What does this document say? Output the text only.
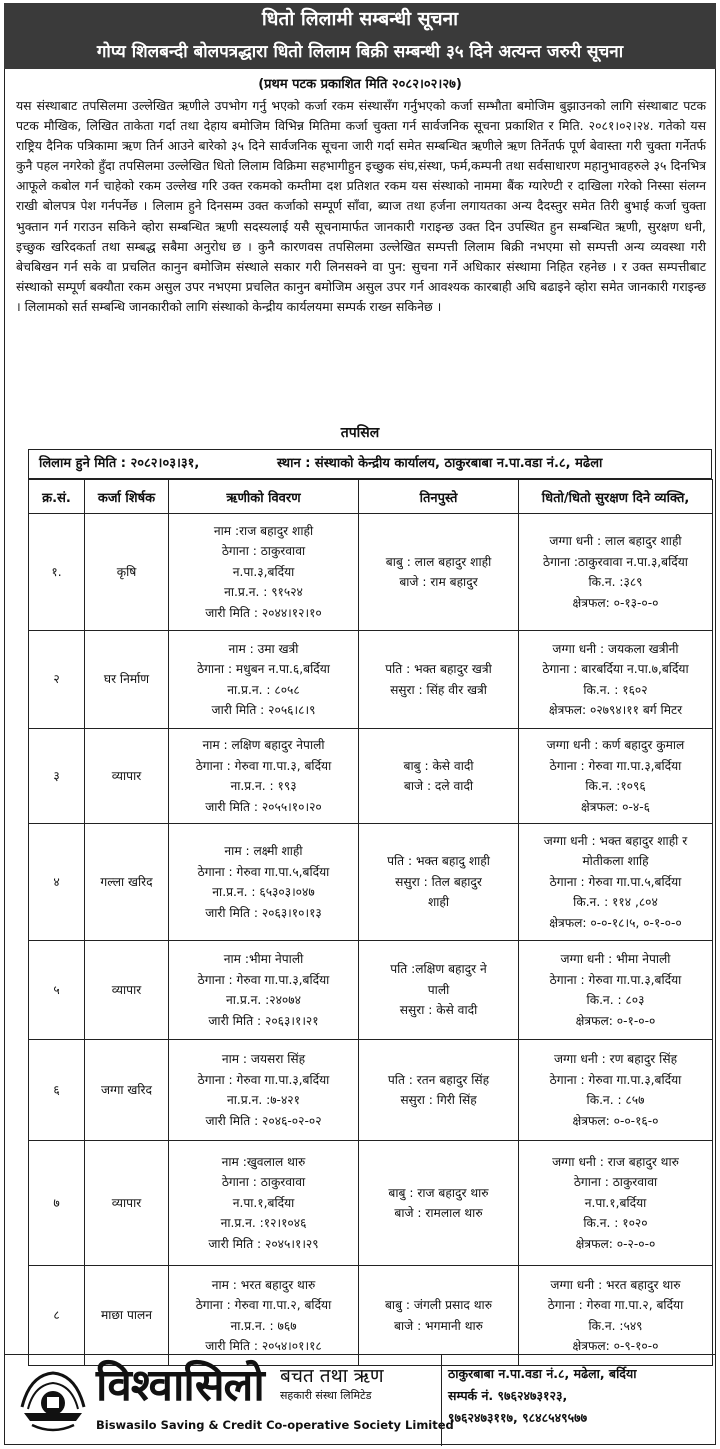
धितो लिलामी सम्बन्धी सूचना
गोप्य शिलबन्दी बोलपत्रद्धारा धितो लिलाम बिक्री सम्बन्धी ३५ दिने अत्यन्त जरुरी सूचना
(प्रथम पटक प्रकाशित मिति २०८२।०२।२७)
यस संस्थाबाट तपसिलमा उल्लेखित ऋणीले उपभोग गर्नु भएको कर्जा रकम संस्थासँग गर्नुभएको कर्जा सम्भौता बमोजिम बुझाउनको लागि संस्थाबाट पटक पटक मौखिक, लिखित ताकेता गर्दा तथा देहाय बमोजिम विभिन्न मितिमा कर्जा चुक्ता गर्न सार्वजनिक सूचना प्रकाशित र मिति. २०८१।०२।२४. गतेको यस राष्ट्रिय दैनिक पत्रिकामा ऋण तिर्न आउने बारेको ३५ दिने सार्वजनिक सूचना जारी गर्दा समेत सम्बन्धित ऋणीले ऋण तिर्नेतर्फ पूर्ण बेवास्ता गरी चुक्ता गर्नेतर्फ कुनै पहल नगरेको हुँदा तपसिलमा उल्लेखित धितो लिलाम विक्रिमा सहभागीहुन इच्छुक संघ,संस्था, फर्म,कम्पनी तथा सर्वसाधारण महानुभावहरुले ३५ दिनभित्र आफूले कबोल गर्न चाहेको रकम उल्लेख गरि उक्त रकमको कम्तीमा दश प्रतिशत रकम यस संस्थाको नाममा बैंक ग्यारेण्टी र दाखिला गरेको निस्सा संलग्न राखी बोलपत्र पेश गर्नपर्नेछ । लिलाम हुने दिनसम्म उक्त कर्जाको सम्पूर्ण साँवा, ब्याज तथा हर्जना लगायतका अन्य दैदस्तुर समेत तिरी बुभाई कर्जा चुक्ता भुक्तान गर्न गराउन सकिने व्होरा सम्बन्धित ऋणी सदस्यलाई यसै सूचनामार्फत जानकारी गराइन्छ उक्त दिन उपस्थित हुन सम्बन्धित ऋणी, सुरक्षण धनी, इच्छुक खरिदकर्ता तथा सम्बद्ध सबैमा अनुरोध छ । कुनै कारणवस तपसिलमा उल्लेखित सम्पत्ती लिलाम बिक्री नभएमा सो सम्पत्ती अन्य व्यवस्था गरी बेचबिखन गर्न सके वा प्रचलित कानुन बमोजिम संस्थाले सकार गरी लिनसक्ने वा पुन: सुचना गर्ने अधिकार संस्थामा निहित रहनेछ । र उक्त सम्पत्तीबाट संस्थाको सम्पूर्ण बक्यौता रकम असुल उपर नभएमा प्रचलित कानुन बमोजिम असुल उपर गर्न आवश्यक कारबाही अघि बढाइने व्होरा समेत जानकारी गराइन्छ । लिलामको सर्त सम्बन्धि जानकारीको लागि संस्थाको केन्द्रीय कार्यलयमा सम्पर्क राख्न सकिनेछ ।
तपसिल
लिलाम हुने मिति : २०८२।०३।३१,	स्थान : संस्थाको केन्द्रीय कार्यालय, ठाकुरबाबा न.पा.वडा नं.८, मढेला
क्र.सं.	कर्जा शिर्षक	ऋणीको विवरण	तिनपुस्ते	धितो/धितो सुरक्षण दिने व्यक्ति,
१.	कृषि	नाम :राज बहादुर शाही
ठेगाना : ठाकुरवावा
न.पा.३,बर्दिया
ना.प्र.न. : ९१५२४
जारी मिति : २०४४।१२।१०	बाबु : लाल बहादुर शाही
बाजे : राम बहादुर	जग्गा धनी : लाल बहादुर शाही
ठेगाना :ठाकुरवावा न.पा.३,बर्दिया
कि.न. :३८९
क्षेत्रफल: ०-१३-०-०

२	घर निर्माण	नाम : उमा खत्री
ठेगाना : मधुबन न.पा.६,बर्दिया
ना.प्र.न. : ८०५८
जारी मिति : २०५६।८।९	पति : भक्त बहादुर खत्री
ससुरा : सिंह वीर खत्री	जग्गा धनी : जयकला खत्रीनी
ठेगाना : बारबर्दिया न.पा.७,बर्दिया
कि.न. : १६०२
क्षेत्रफल: ०२७९४।११ बर्ग मिटर

३	व्यापार	नाम : लक्षिण बहादुर नेपाली
ठेगाना : गेरुवा गा.पा.३, बर्दिया
ना.प्र.न. : १९३
जारी मिति : २०५५।१०।२०	बाबु : केसे वादी
बाजे : दले वादी	जग्गा धनी : कर्ण बहादुर कुमाल
ठेगाना : गेरुवा गा.पा.३,बर्दिया
कि.न. :१०९६
क्षेत्रफल: ०-४-६

४	गल्ला खरिद	नाम : लक्ष्मी शाही
ठेगाना : गेरुवा गा.पा.५,बर्दिया
ना.प्र.न. : ६५३०३।०४७
जारी मिति : २०६३।१०।१३	पति : भक्त बहादु शाही
ससुरा : तिल बहादुर
शाही	जग्गा धनी : भक्त बहादुर शाही र
मोतीकला शाहि
ठेगाना : गेरुवा गा.पा.५,बर्दिया
कि.न. : ११४ ,८०४
क्षेत्रफल: ०-०-१८।५, ०-१-०-०

५	व्यापार	नाम :भीमा नेपाली
ठेगाना : गेरुवा गा.पा.३,बर्दिया
ना.प्र.न. :२४०७४
जारी मिति : २०६३।१।२१	पति :लक्षिण बहादुर ने
पाली
ससुरा : केसे वादी	जग्गा धनी : भीमा नेपाली
ठेगाना : गेरुवा गा.पा.३,बर्दिया
कि.न. : ८०३
क्षेत्रफल: ०-१-०-०

६	जग्गा खरिद	नाम : जयसरा सिंह
ठेगाना : गेरुवा गा.पा.३,बर्दिया
ना.प्र.न. :७-४२१
जारी मिति : २०४६-०२-०२	पति : रतन बहादुर सिंह
ससुरा : गिरी सिंह	जग्गा धनी : रण बहादुर सिंह
ठेगाना : गेरुवा गा.पा.३,बर्दिया
कि.न. : ८५७
क्षेत्रफल: ०-०-१६-०

७	व्यापार	नाम :खुवलाल थारु
ठेगाना : ठाकुरवावा
न.पा.१,बर्दिया
ना.प्र.न. :१२।१०४६
जारी मिति : २०४५।१।२९	बाबु : राज बहादुर थारु
बाजे : रामलाल थारु	जग्गा धनी : राज बहादुर थारु
ठेगाना : ठाकुरवावा
न.पा.१,बर्दिया
कि.न. : १०२०
क्षेत्रफल: ०-२-०-०

८	माछा पालन	नाम : भरत बहादुर थारु
ठेगाना : गेरुवा गा.पा.२, बर्दिया
ना.प्र.न. : ७६७
जारी मिति : २०५४।०१।१८	बाबु : जंगली प्रसाद थारु
बाजे : भगमानी थारु	जग्गा धनी : भरत बहादुर थारु
ठेगाना : गेरुवा गा.पा.२, बर्दिया
कि.न. :५४९
क्षेत्रफल: ०-९-१०-०
विश्वासिलो बचत तथा ऋण
सहकारी संस्था लिमिटेड
Biswasilo Saving & Credit Co-operative Society Limited
ठाकुरबाबा न.पा.वडा नं.८, मढेला, बर्दिया
सम्पर्क नं. ९७६२४७३१२३,
९७६२४७३११७, ९८४८५४९५७७
